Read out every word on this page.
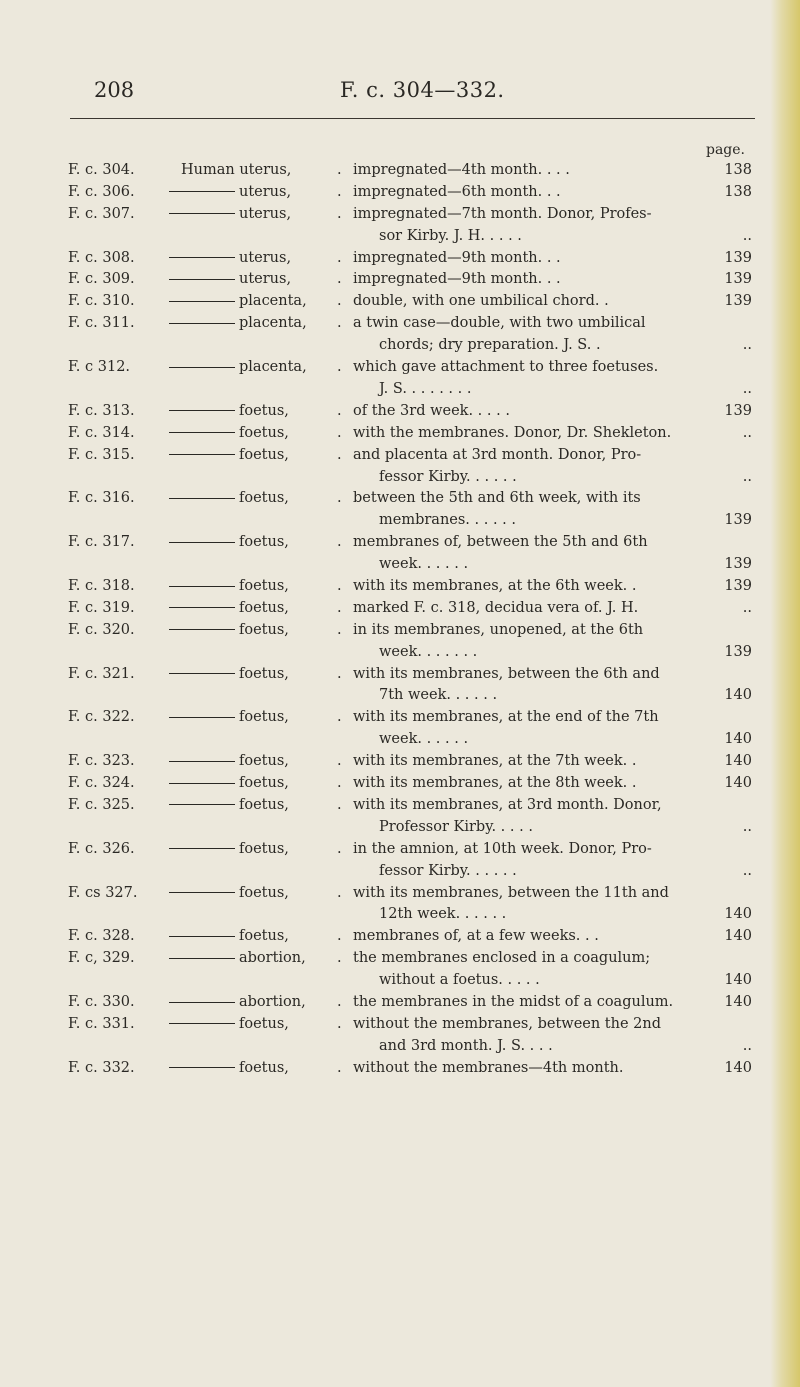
208	F. c. 304—332.
page.
F. c. 304.	Human uterus,	. impregnated—4th month. . . .	138
F. c. 306.	uterus,	. impregnated—6th month. . .	138
F. c. 307.	uterus,	. impregnated—7th month. Donor, Profes-
sor Kirby. J. H. . . . .	..
F. c. 308.	uterus,	. impregnated—9th month. . .	139
F. c. 309.	uterus,	. impregnated—9th month. . .	139
F. c. 310.	placenta, . double, with one umbilical chord. .	139
F. c. 311.	placenta, . a twin case—double, with two umbilical
chords; dry preparation. J. S. .	..
F. c 312.	placenta, . which gave attachment to three foetuses.
J. S. . . . . . . .	..
F. c. 313.	foetus,	. of the 3rd week. . . . .	139
F. c. 314.	foetus,	. with the membranes. Donor, Dr. Shekleton.	..
F. c. 315.	foetus,	. and placenta at 3rd month. Donor, Pro-
fessor Kirby. . . . . .	..
F. c. 316.	foetus,	. between the 5th and 6th week, with its
membranes. . . . . .	139
F. c. 317.	foetus,	. membranes of, between the 5th and 6th
week. . . . . .	139
F. c. 318.	foetus,	. with its membranes, at the 6th week. .	139
F. c. 319.	foetus,	. marked F. c. 318, decidua vera of. J. H.	..
F. c. 320.	foetus,	. in its membranes, unopened, at the 6th
week. . . . . . .	139
F. c. 321.	foetus,	. with its membranes, between the 6th and
7th week. . . . . .	140
F. c. 322.	foetus,	. with its membranes, at the end of the 7th
week. . . . . .	140
F. c. 323.	foetus,	. with its membranes, at the 7th week. .	140
F. c. 324.	foetus,	. with its membranes, at the 8th week. .	140
F. c. 325.	foetus,	. with its membranes, at 3rd month. Donor,
Professor Kirby. . . . .	..
F. c. 326.	foetus,	. in the amnion, at 10th week. Donor, Pro-
fessor Kirby. . . . . .	..
F. cs 327.	foetus,	. with its membranes, between the 11th and
12th week. . . . . .	140
F. c. 328.	foetus,	. membranes of, at a few weeks. . .	140
F. c, 329.	abortion, . the membranes enclosed in a coagulum;
without a foetus. . . . .	140
F. c. 330.	abortion, . the membranes in the midst of a coagulum.	140
F. c. 331.	foetus,	. without the membranes, between the 2nd
and 3rd month. J. S. . . .	..
F. c. 332.	foetus,	. without the membranes—4th month.	140
